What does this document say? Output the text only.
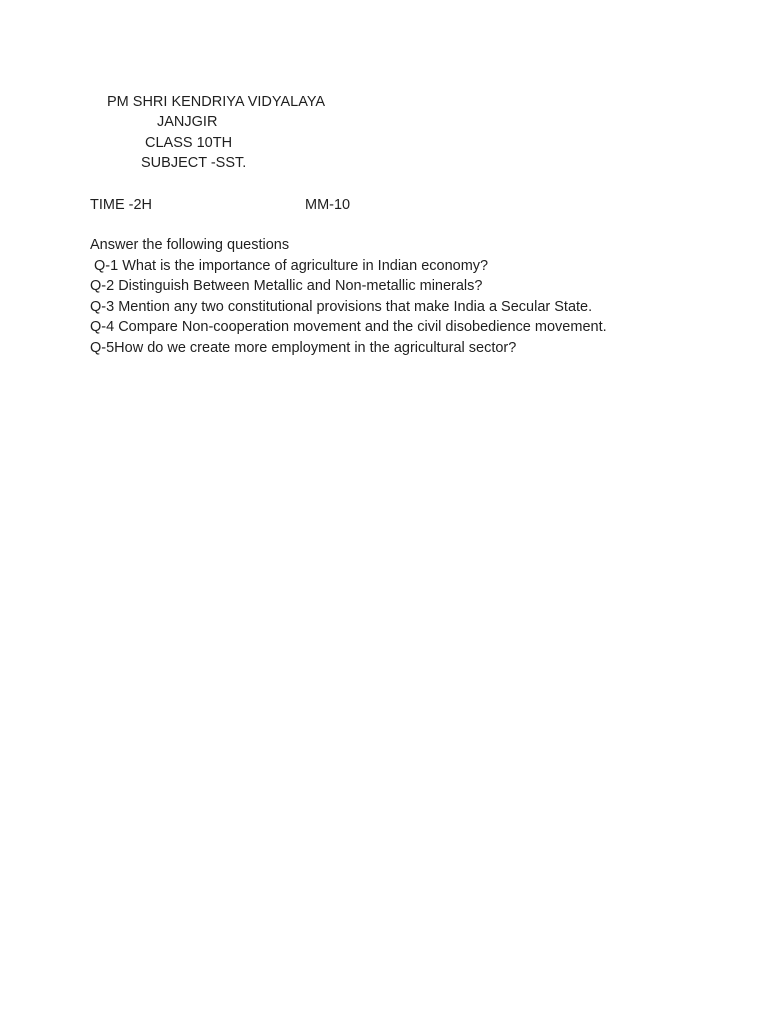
PM SHRI KENDRIYA VIDYALAYA
JANJGIR
CLASS 10TH
SUBJECT -SST.
TIME -2H	MM-10
Answer the following questions
Q-1 What is the importance of agriculture in Indian economy?
Q-2 Distinguish Between Metallic and Non-metallic minerals?
Q-3 Mention any two constitutional provisions that make India a Secular State.
Q-4 Compare Non-cooperation movement and the civil disobedience movement.
Q-5How do we create more employment in the agricultural sector?
